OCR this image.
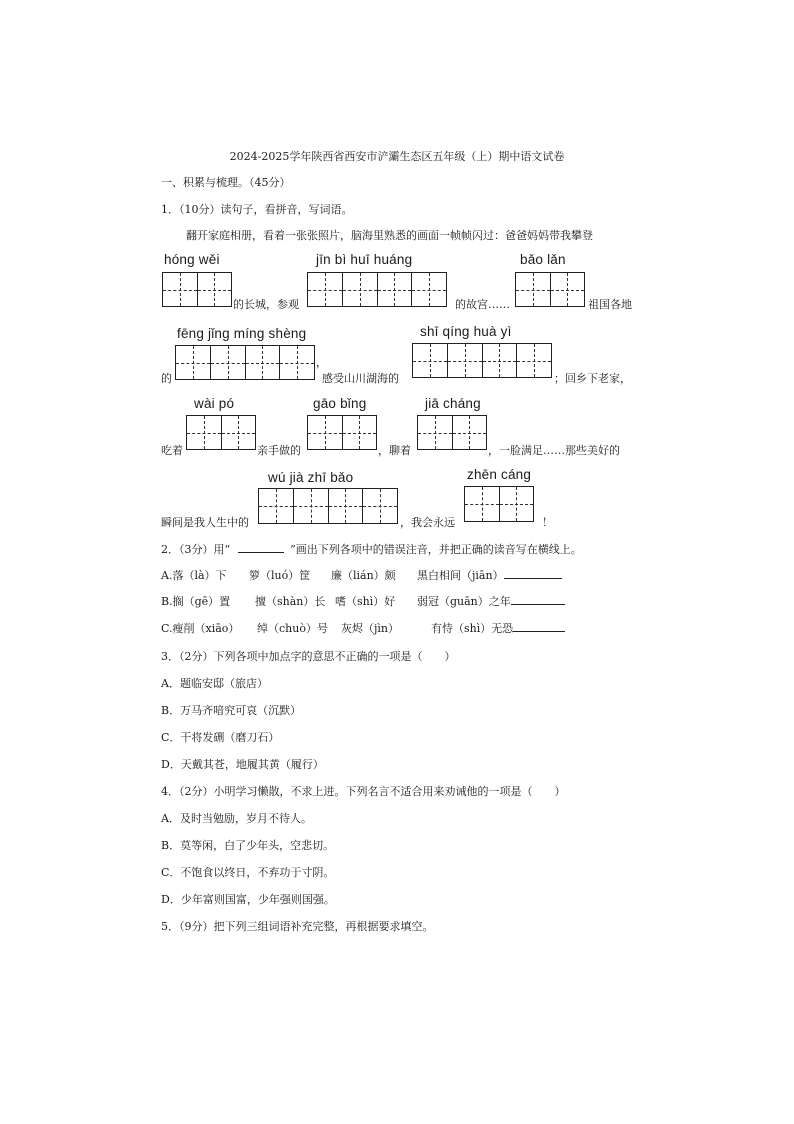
2024-2025学年陕西省西安市浐灞生态区五年级（上）期中语文试卷
一、积累与梳理。（45分）
1．（10分）读句子，看拼音，写词语。
翻开家庭相册，看着一张张照片，脑海里熟悉的画面一帧帧闪过：爸爸妈妈带我攀登
hóng wěi
的长城，参观
jīn bì huī huáng
的故宫……
bǎo lǎn
祖国各地
fēng jǐng míng shèng
的
，
感受山川湖海的
shī qíng huà yì
；回乡下老家，
wài pó
吃着	亲手做的
gāo bǐng
，聊着
jiā cháng
，一脸满足……那些美好的
wú jià zhī bǎo
瞬间是我人生中的	，我会永远
zhēn cáng
！
2．（3分）用“	”画出下列各项中的错误注音，并把正确的读音写在横线上。
A.落（là）下 箩（luó）筐 廉（lián）颇 黑白相间（jiān）
B.搁（gē）置 擅（shàn）长 嗜（shì）好 弱冠（guān）之年
C.瘦削（xiāo） 绰（chuò）号 灰烬（jìn）	有恃（shì）无恐
3．（2分）下列各项中加点字的意思不正确的一项是（　　）
A．题临安邸（旅店）
B．万马齐喑究可哀（沉默）
C．干将发硎（磨刀石）
D．天戴其苍，地履其黄（履行）
4．（2分）小明学习懒散，不求上进。下列名言不适合用来劝诫他的一项是（　　）
A．及时当勉励，岁月不待人。
B．莫等闲，白了少年头，空悲切。
C．不饱食以终日，不弃功于寸阴。
D．少年富则国富，少年强则国强。
5．（9分）把下列三组词语补充完整，再根据要求填空。
